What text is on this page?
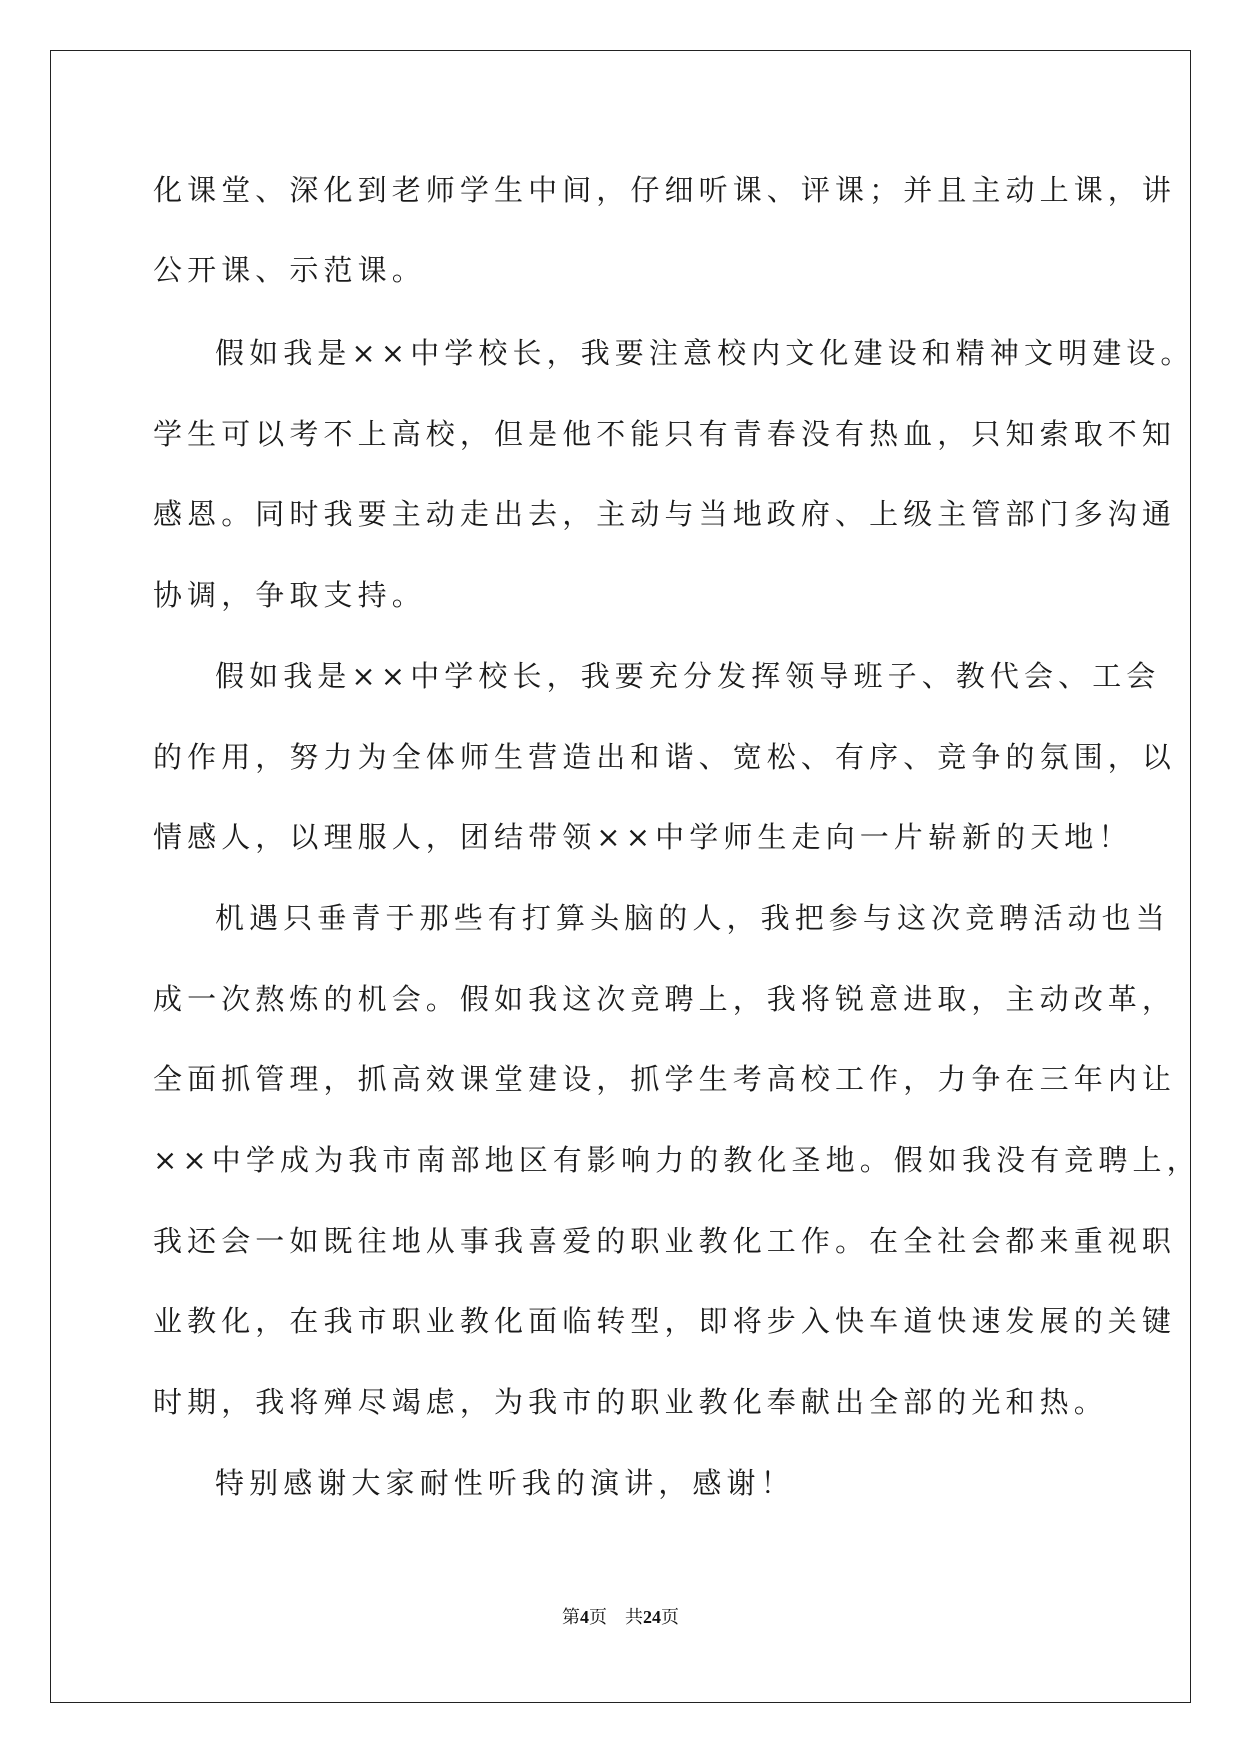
化课堂、深化到老师学生中间，仔细听课、评课；并且主动上课，讲
公开课、示范课。
假如我是××中学校长，我要注意校内文化建设和精神文明建设。
学生可以考不上高校，但是他不能只有青春没有热血，只知索取不知
感恩。同时我要主动走出去，主动与当地政府、上级主管部门多沟通
协调，争取支持。
假如我是××中学校长，我要充分发挥领导班子、教代会、工会
的作用，努力为全体师生营造出和谐、宽松、有序、竞争的氛围，以
情感人，以理服人，团结带领××中学师生走向一片崭新的天地！
机遇只垂青于那些有打算头脑的人，我把参与这次竞聘活动也当
成一次熬炼的机会。假如我这次竞聘上，我将锐意进取，主动改革，
全面抓管理，抓高效课堂建设，抓学生考高校工作，力争在三年内让
××中学成为我市南部地区有影响力的教化圣地。假如我没有竞聘上，
我还会一如既往地从事我喜爱的职业教化工作。在全社会都来重视职
业教化，在我市职业教化面临转型，即将步入快车道快速发展的关键
时期，我将殚尽竭虑，为我市的职业教化奉献出全部的光和热。
特别感谢大家耐性听我的演讲，感谢！
第4页 共24页
